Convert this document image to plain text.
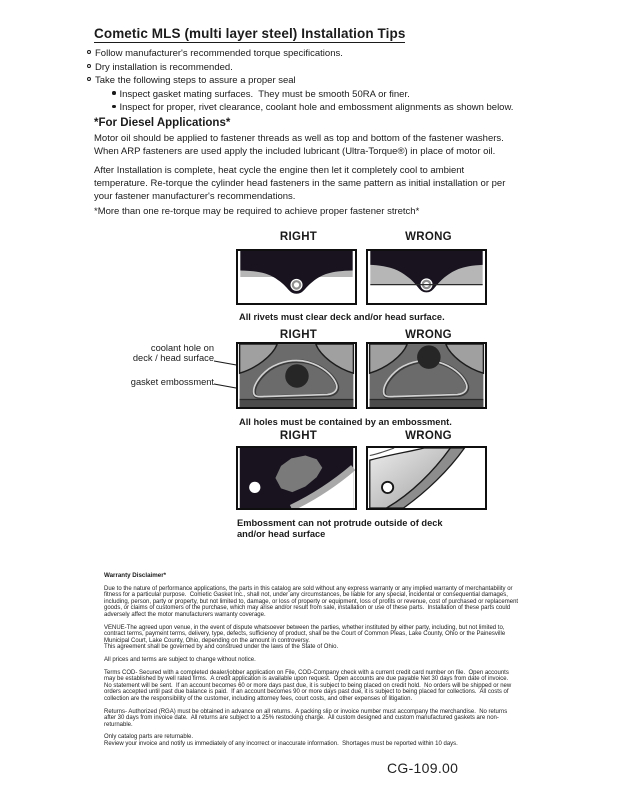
Cometic MLS (multi layer steel) Installation Tips
Follow manufacturer's recommended torque specifications.
Dry installation is recommended.
Take the following steps to assure a proper seal
Inspect gasket mating surfaces.  They must be smooth 50RA or finer.
Inspect for proper, rivet clearance, coolant hole and embossment alignments as shown below.
*For Diesel Applications*
Motor oil should be applied to fastener threads as well as top and bottom of the fastener washers. When ARP fasteners are used apply the included lubricant (Ultra-Torque®) in place of motor oil.
After Installation is complete, heat cycle the engine then let it completely cool to ambient temperature. Re-torque the cylinder head fasteners in the same pattern as initial installation or per your fastener manufacturer's recommendations.
*More than one re-torque may be required to achieve proper fastener stretch*
RIGHT	WRONG
All rivets must clear deck and/or head surface.
RIGHT	WRONG
coolant hole on
deck / head surface
gasket embossment
All holes must be contained by an embossment.
RIGHT	WRONG
Embossment can not protrude outside of deck
and/or head surface
Warranty Disclaimer*

Due to the nature of performance applications, the parts in this catalog are sold without any express warranty or any implied warranty of merchantability or fitness for a particular purpose.  Cometic Gasket Inc., shall not, under any circumstances, be liable for any special, incidental or consequential damages, including, person, party or property, but not limited to, damage, or loss of property or equipment, loss of profits or revenue, cost of purchased or replacement goods, or claims of customers of the purchase, which may arise and/or result from sale, installation or use of these parts.  Installation of these parts could adversely affect the motor manufacturers warranty coverage.

VENUE-The agreed upon venue, in the event of dispute whatsoever between the parties, whether instituted by either party, including, but not limited to, contract terms, payment terms, delivery, type, defects, sufficiency of product, shall be the Court of Common Pleas, Lake County, Ohio or the Painesville Municipal Court, Lake County, Ohio, depending on the amount in controversy.

This agreement shall be governed by and construed under the laws of the State of Ohio.

All prices and terms are subject to change without notice.

Terms COD- Secured with a completed dealer/jobber application on File, COD-Company check with a current credit card number on file.  Open accounts may be established by well rated firms.  A credit application is available upon request.  Open accounts are due payable Net 30 days from date of invoice.  No statement will be sent.  If an account becomes 60 or more days past due, it is subject to being placed on credit hold.  No orders will be shipped or new orders accepted until past due balance is paid.  If an account becomes 90 or more days past due, it is subject to being placed for collections.  All costs of collection are the responsibility of the customer, including attorney fees, court costs, and other expenses of litigation.

Returns- Authorized (RGA) must be obtained in advance on all returns.  A packing slip or invoice number must accompany the merchandise.  No returns after 30 days from invoice date.  All returns are subject to a 25% restocking charge.  All custom designed and custom manufactured gaskets are non-returnable.

Only catalog parts are returnable.

Review your invoice and notify us immediately of any incorrect or inaccurate information.  Shortages must be reported within 10 days.

CG-109.00
